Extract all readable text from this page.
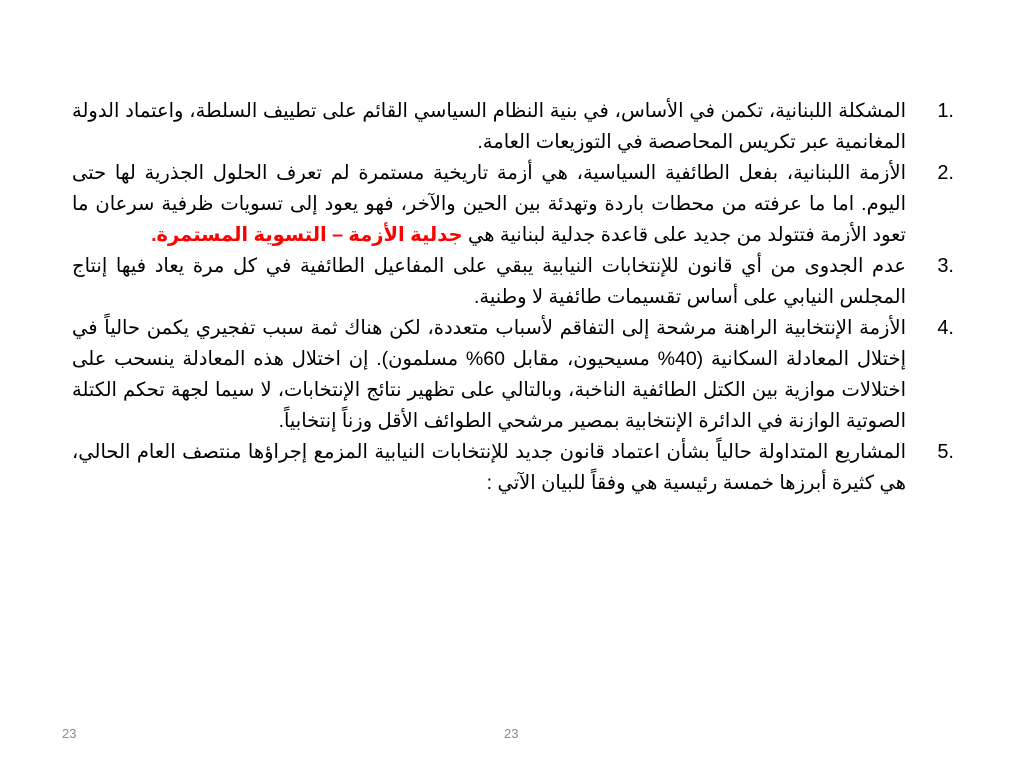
1.
المشكلة اللبنانية، تكمن في الأساس، في بنية النظام السياسي القائم على تطييف السلطة، واعتماد الدولة المغانمية عبر تكريس المحاصصة في التوزيعات العامة.
2.
الأزمة اللبنانية، بفعل الطائفية السياسية، هي أزمة تاريخية مستمرة لم تعرف الحلول الجذرية لها حتى اليوم. اما ما عرفته من محطات باردة وتهدئة بين الحين والآخر، فهو يعود إلى تسويات ظرفية سرعان ما تعود الأزمة فتتولد من جديد على قاعدة جدلية لبنانية هي جدلية الأزمة – التسوية المستمرة.
3.
عدم الجدوى من أي قانون للإنتخابات النيابية يبقي على المفاعيل الطائفية في كل مرة يعاد فيها إنتاج المجلس النيابي على أساس تقسيمات طائفية لا وطنية.
4.
الأزمة الإنتخابية الراهنة مرشحة إلى التفاقم لأسباب متعددة، لكن هناك ثمة سبب تفجيري يكمن حالياً في إختلال المعادلة السكانية (40% مسيحيون، مقابل 60% مسلمون). إن اختلال هذه المعادلة ينسحب على اختلالات موازية بين الكتل الطائفية الناخبة، وبالتالي على تظهير نتائج الإنتخابات، لا سيما لجهة تحكم الكتلة الصوتية الوازنة في الدائرة الإنتخابية بمصير مرشحي الطوائف الأقل وزناً إنتخابياً.
5.
المشاريع المتداولة حالياً بشأن اعتماد قانون جديد للإنتخابات النيابية المزمع إجراؤها منتصف العام الحالي، هي كثيرة أبرزها خمسة رئيسية هي وفقاً للبيان الآتي :
23	23
